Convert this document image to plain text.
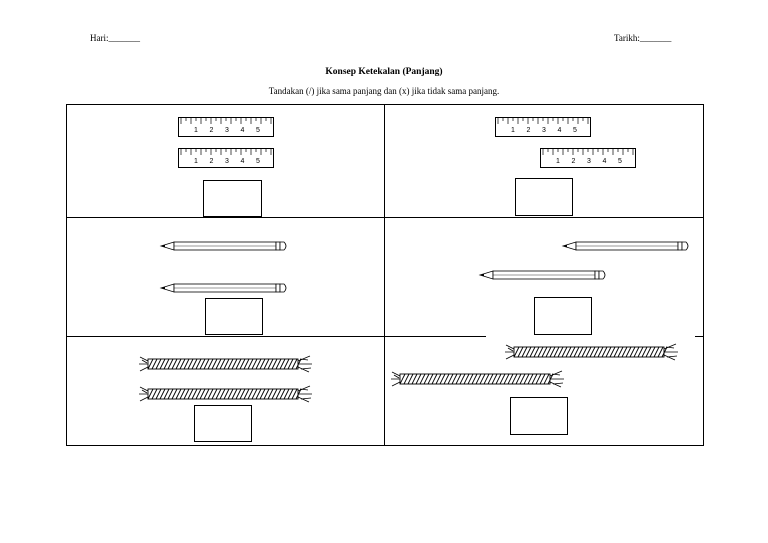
Hari:_______	Tarikh:_______
Konsep Ketekalan (Panjang)
Tandakan (/) jika sama panjang dan (x) jika tidak sama panjang.
1 2 3 4 5
1 2 3 4 5
1 2 3 4 5
1 2 3 4 5
